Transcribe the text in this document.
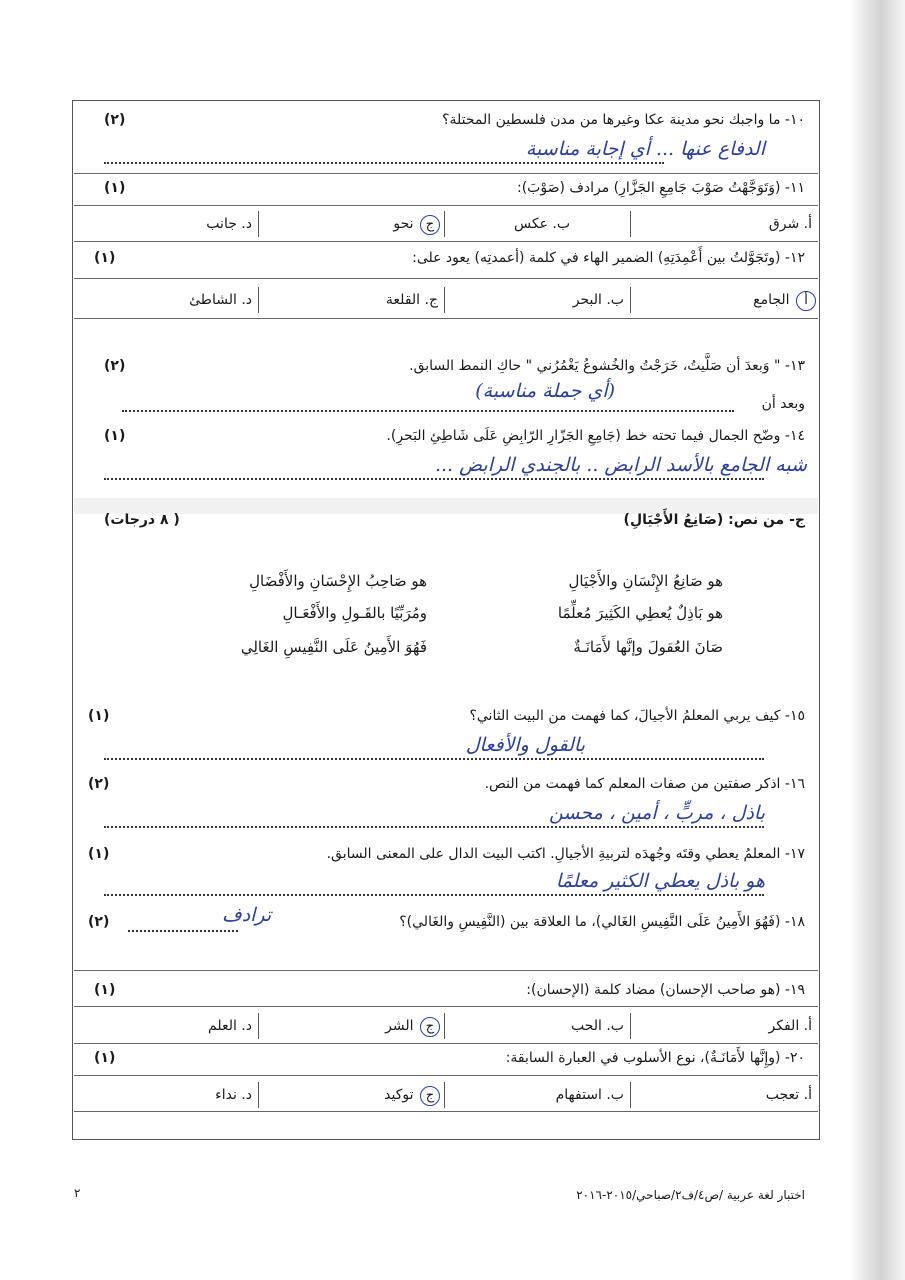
١٠- ما واجبك نحو مدينة عكا وغيرها من مدن فلسطين المحتلة؟
(٢)
الدفاع عنها ... أي إجابة مناسبة
١١- (وَتَوَجَّهْتُ صَوْبَ جَامِعِ الجَزَّارِ) مرادف (صَوْبَ):
(١)
أ. شرق
ب. عكس
ج نحو
د. جانب
١٢- (وتَجَوَّلتُ بين أَعْمِدَتِهِ) الضمير الهاء في كلمة (أعمدتِه) يعود على:
(١)
أ الجامع
ب. البحر
ج. القلعة
د. الشاطئ
١٣- " وَبعدَ أن صَلَّيتُ، خَرَجْتُ والخُشوعُ يَغْمُرُني " حاكِ النمط السابق.
(٢)
وبعد أن
(أي جملة مناسبة)
١٤- وضّح الجمال فيما تحته خط (جَامِعِ الجَزّارِ الرّابِضِ عَلَى شَاطِئِ البَحرِ).
(١)
شبه الجامع بالأسد الرابض .. بالجندي الرابض ...
ج- من نص: (صَانِعُ الأَجْيَالِ)
( ٨ درجات)
هو صَانِعُ الإِنْسَانِ والأَجْيَالِ
هو صَاحِبُ الإِحْسَانِ والأَفْضَالِ
هو بَاذِلٌ يُعطِي الكَثِيرَ مُعلِّمًا
ومُرَبِّيًا بالقَـولِ والأَفْعَـالِ
صَانَ العُقولَ وإنَّها لأَمَانَـةٌ
فَهُوَ الأَمِينُ عَلَى النَّفِيسِ الغَالِي
١٥- كيف يربي المعلمُ الأجيالَ، كما فهمت من البيت الثاني؟
(١)
بالقول والأفعال
١٦- اذكر صفتين من صفات المعلم كما فهمت من النص.
(٢)
باذل ، مربٍّ ، أمين ، محسن
١٧- المعلمُ يعطي وقتَه وجُهدَه لتربيةِ الأجيالِ. اكتب البيت الدال على المعنى السابق.
(١)
هو باذل يعطي الكثير معلمًا
١٨- (فَهُوَ الأَمِينُ عَلَى النَّفِيسِ الغَالي)، ما العلاقة بين (النَّفِيسِ والغَالي)؟
ترادف
(٢)
١٩- (هو صاحب الإحسان) مضاد كلمة (الإحسان):
(١)
أ. الفكر
ب. الحب
ج الشر
د. العلم
٢٠- (وإِنَّها لأَمَانَـةٌ)، نوع الأسلوب في العبارة السابقة:
(١)
أ. تعجب
ب. استفهام
ج توكيد
د. نداء
اختبار لغة عربية /ص٤/ف٢/صباحي/٢٠١٥-٢٠١٦
٢
